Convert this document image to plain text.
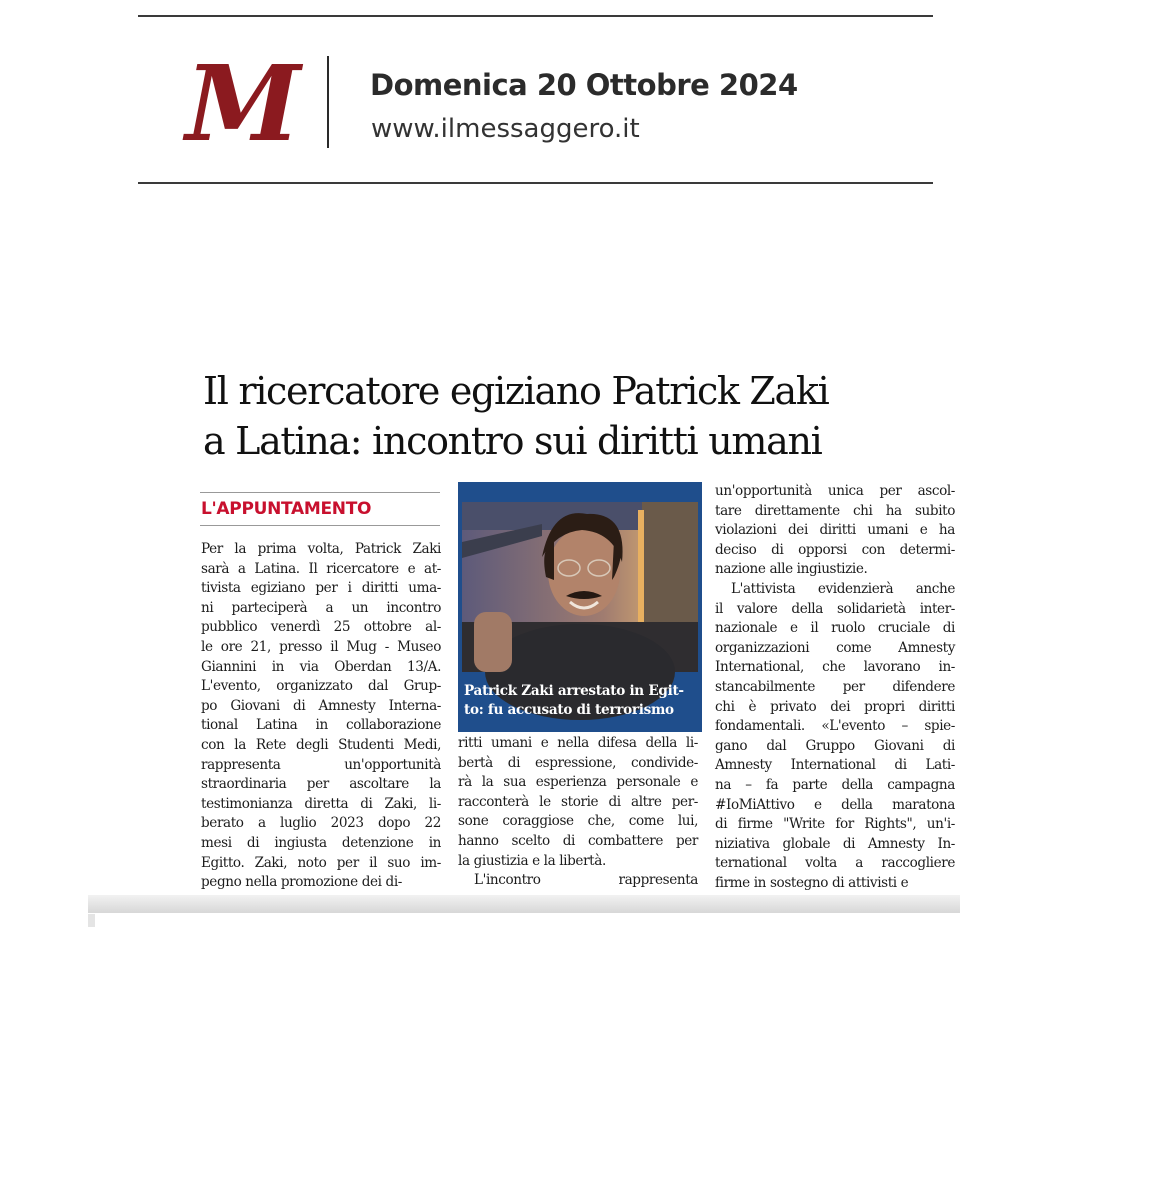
M Domenica 20 Ottobre 2024
www.ilmessaggero.it
Il ricercatore egiziano Patrick Zaki
a Latina: incontro sui diritti umani
L'APPUNTAMENTO
Per la prima volta, Patrick Zaki
sarà a Latina. Il ricercatore e at-
tivista egiziano per i diritti uma-
ni parteciperà a un incontro
pubblico venerdì 25 ottobre al-
le ore 21, presso il Mug - Museo
Giannini in via Oberdan 13/A.
L'evento, organizzato dal Grup-
po Giovani di Amnesty Interna-
tional Latina in collaborazione
con la Rete degli Studenti Medi,
rappresenta un'opportunità
straordinaria per ascoltare la
testimonianza diretta di Zaki, li-
berato a luglio 2023 dopo 22
mesi di ingiusta detenzione in
Egitto. Zaki, noto per il suo im-
pegno nella promozione dei di-
Patrick Zaki arrestato in Egit-
to: fu accusato di terrorismo
ritti umani e nella difesa della li-
bertà di espressione, condivide-
rà la sua esperienza personale e
racconterà le storie di altre per-
sone coraggiose che, come lui,
hanno scelto di combattere per
la giustizia e la libertà.
L'incontro rappresenta
un'opportunità unica per ascol-
tare direttamente chi ha subito
violazioni dei diritti umani e ha
deciso di opporsi con determi-
nazione alle ingiustizie.
L'attivista evidenzierà anche
il valore della solidarietà inter-
nazionale e il ruolo cruciale di
organizzazioni come Amnesty
International, che lavorano in-
stancabilmente per difendere
chi è privato dei propri diritti
fondamentali. «L'evento – spie-
gano dal Gruppo Giovani di
Amnesty International di Lati-
na – fa parte della campagna
#IoMiAttivo e della maratona
di firme "Write for Rights", un'i-
niziativa globale di Amnesty In-
ternational volta a raccogliere
firme in sostegno di attivisti e
